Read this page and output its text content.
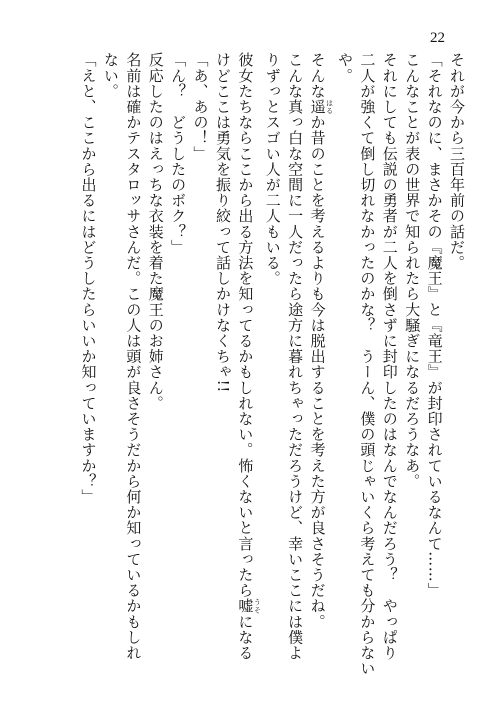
22
それが今から三百年前の話だ。
「それなのに、まさかその『魔王』と『竜王』が封印されているなんて……」
こんなことが表の世界で知られたら大騒ぎになるだろうなあ。
それにしても伝説の勇者が二人を倒さずに封印したのはなんでなんだろう？　やっぱり
二人が強くて倒し切れなかったのかな？　うーん、僕の頭じゃいくら考えても分からない
や。
そんな遥 はるか昔のことを考えるよりも今は脱出することを考えた方が良さそうだね。
こんな真っ白な空間に一人だったら途方に暮れちゃっただろうけど、幸いここには僕よ
りずっとスゴい人が二人もいる。
彼女たちならここから出る方法を知ってるかもしれない。怖くないと言ったら嘘 うそになる
けどここは勇気を振り絞って話しかけなくちゃ!!
「あ、あの！」
「ん？　どうしたのボク？」
反応したのはえっちな衣装を着た魔王のお姉さん。
名前は確かテスタロッサさんだ。この人は頭が良さそうだから何か知っているかもしれ
ない。
「えと、ここから出るにはどうしたらいいか知っていますか？」
